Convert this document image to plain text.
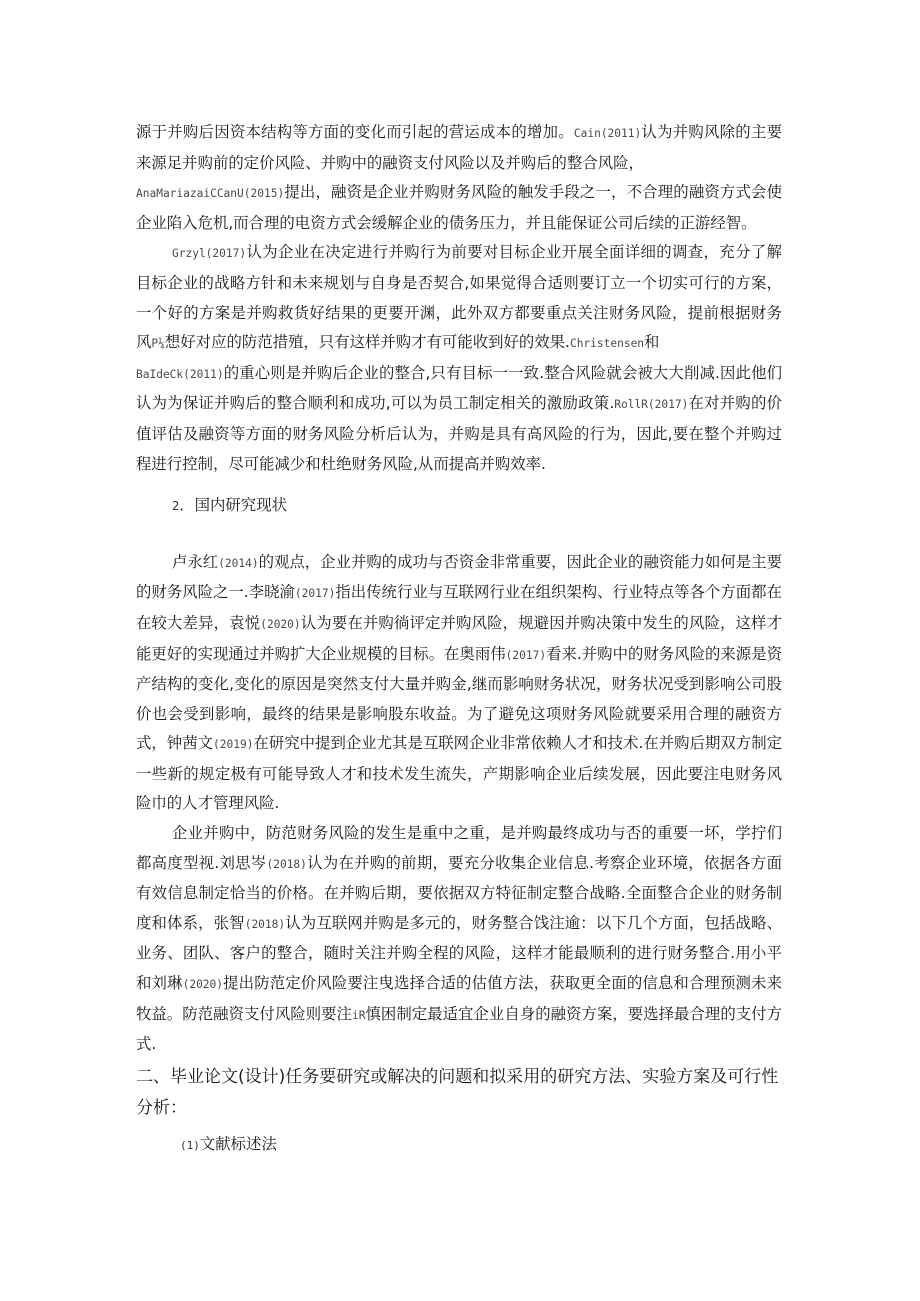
源于并购后因资本结构等方面的变化而引起的营运成本的增加。Cain(2011)认为并购风除的主要来源足并购前的定价风险、并购中的融资支付风险以及并购后的整合风险，
AnaMariazaiCCanU(2015)提出，融资是企业并购财务风险的触发手段之一，不合理的融资方式会使企业陷入危机,而合理的电资方式会缓解企业的债务压力，并且能保证公司后续的正游经智。

Grzyl(2017)认为企业在决定进行并购行为前要对目标企业开展全面详细的调查，充分了解目标企业的战略方针和未来规划与自身是否契合,如果觉得合适则要订立一个切实可行的方案，一个好的方案是并购救货好结果的更要开渊，此外双方都要重点关注财务风险，提前根据财务风P¼想好对应的防范措殖，只有这样并购才有可能收到好的效果.Christensen和
BaIdeCk(2011)的重心则是并购后企业的整合,只有目标一一致.整合风险就会被大大削减.因此他们认为为保证并购后的整合顺利和成功,可以为员工制定相关的激励政策.RollR(2017)在对并购的价值评估及融资等方面的财务风险分析后认为，并购是具有高风险的行为，因此,要在整个并购过程进行控制，尽可能减少和杜绝财务风险,从而提高并购效率.

2．国内研究现状

卢永红(2014)的观点，企业并购的成功与否资金非常重要，因此企业的融资能力如何是主要的财务风险之一.李晓渝(2017)指出传统行业与互联网行业在组织架构、行业特点等各个方面都在在较大差异，袁悦(2020)认为要在并购徜评定并购风险，规避因并购决策中发生的风险，这样才能更好的实现通过并购扩大企业规模的目标。在奥雨伟(2017)看来.并购中的财务风险的来源是资产结构的变化,变化的原因是突然支付大量并购金,继而影响财务状况，财务状况受到影响公司股价也会受到影响，最终的结果是影响股东收益。为了避免这项财务风险就要采用合理的融资方式，钟茜文(2019)在研究中提到企业尤其是互联网企业非常依赖人才和技术.在并购后期双方制定一些新的规定极有可能导致人才和技术发生流失，产期影响企业后续发展，因此要注电财务风险巾的人才管理风险.

企业并购中，防范财务风险的发生是重中之重，是并购最终成功与否的重要一坏，学拧们都高度型视.刘思岑(2018)认为在并购的前期，要充分收集企业信息.考察企业环境，依据各方面有效信息制定恰当的价格。在并购后期，要依据双方特征制定整合战略.全面整合企业的财务制度和体系，张智(2018)认为互联网并购是多元的，财务整合饯注逾：以下几个方面，包括战略、业务、团队、客户的整合，随时关注并购全程的风险，这样才能最顺利的进行财务整合.用小平和刘琳(2020)提出防范定价风险要注曳选择合适的估值方法，获取更全面的信息和合理预测未来牧益。防范融资支付风险则要注iR慎困制定最适宜企业自身的融资方案，要选择最合理的支付方式.

二、毕业论文(设计)任务要研究或解决的问题和拟采用的研究方法、实验方案及可行性分析：

(1)文献标述法
